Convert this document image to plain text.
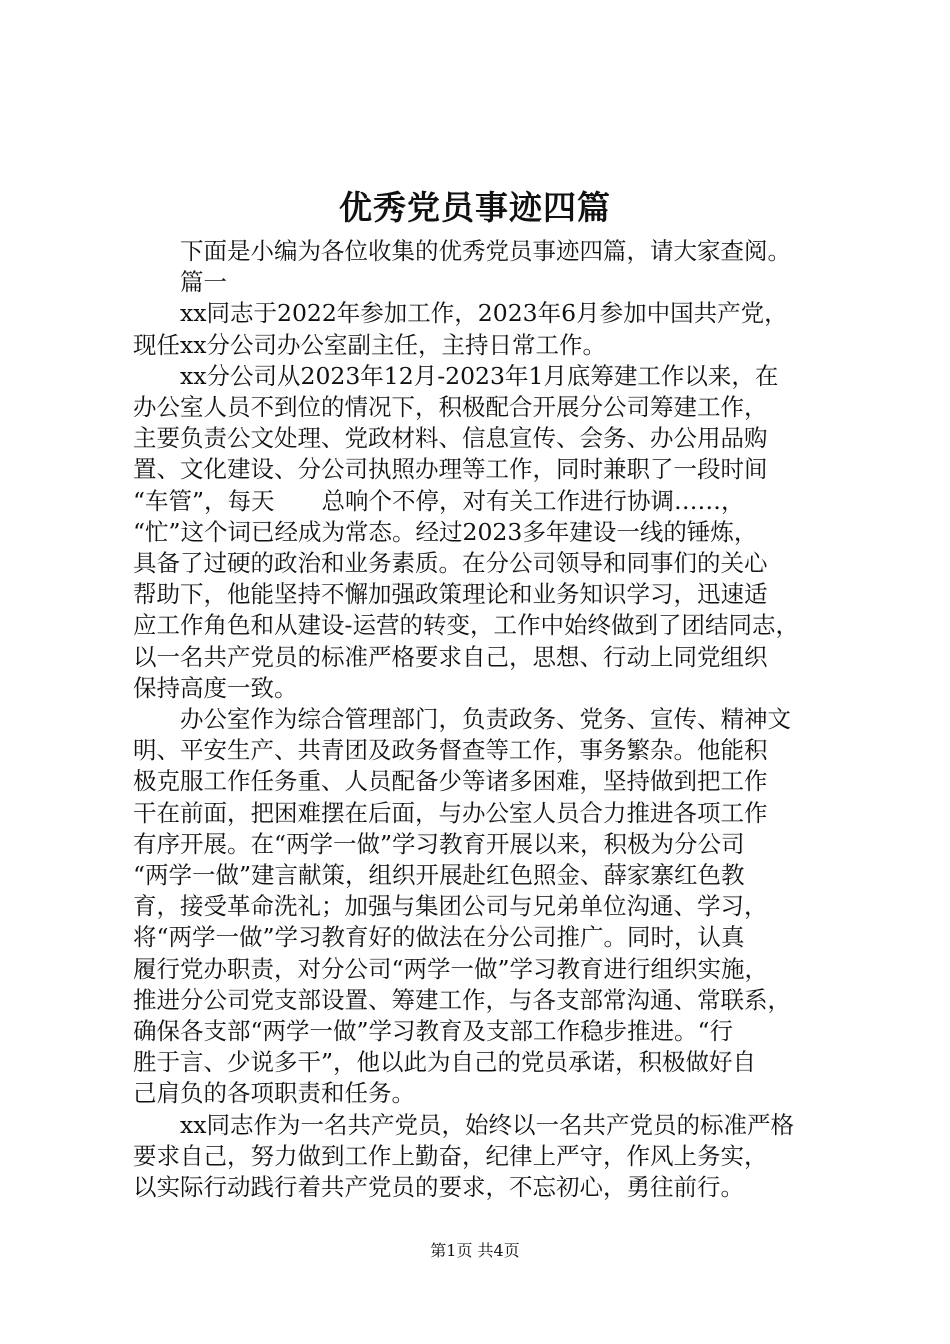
优秀党员事迹四篇
下面是小编为各位收集的优秀党员事迹四篇，请大家查阅。
篇一
xx同志于2022年参加工作，2023年6月参加中国共产党，
现任xx分公司办公室副主任，主持日常工作。
xx分公司从2023年12月-2023年1月底筹建工作以来，在
办公室人员不到位的情况下，积极配合开展分公司筹建工作，
主要负责公文处理、党政材料、信息宣传、会务、办公用品购
置、文化建设、分公司执照办理等工作，同时兼职了一段时间
“车管”，每天　　总响个不停，对有关工作进行协调……，
“忙”这个词已经成为常态。经过2023多年建设一线的锤炼，
具备了过硬的政治和业务素质。在分公司领导和同事们的关心
帮助下，他能坚持不懈加强政策理论和业务知识学习，迅速适
应工作角色和从建设-运营的转变，工作中始终做到了团结同志，
以一名共产党员的标准严格要求自己，思想、行动上同党组织
保持高度一致。
办公室作为综合管理部门，负责政务、党务、宣传、精神文
明、平安生产、共青团及政务督查等工作，事务繁杂。他能积
极克服工作任务重、人员配备少等诸多困难，坚持做到把工作
干在前面，把困难摆在后面，与办公室人员合力推进各项工作
有序开展。在“两学一做”学习教育开展以来，积极为分公司
“两学一做”建言献策，组织开展赴红色照金、薛家寨红色教
育，接受革命洗礼；加强与集团公司与兄弟单位沟通、学习，
将“两学一做”学习教育好的做法在分公司推广。同时，认真
履行党办职责，对分公司“两学一做”学习教育进行组织实施，
推进分公司党支部设置、筹建工作，与各支部常沟通、常联系，
确保各支部“两学一做”学习教育及支部工作稳步推进。“行
胜于言、少说多干”，他以此为自己的党员承诺，积极做好自
己肩负的各项职责和任务。
xx同志作为一名共产党员，始终以一名共产党员的标准严格
要求自己，努力做到工作上勤奋，纪律上严守，作风上务实，
以实际行动践行着共产党员的要求，不忘初心，勇往前行。
第1页 共4页
